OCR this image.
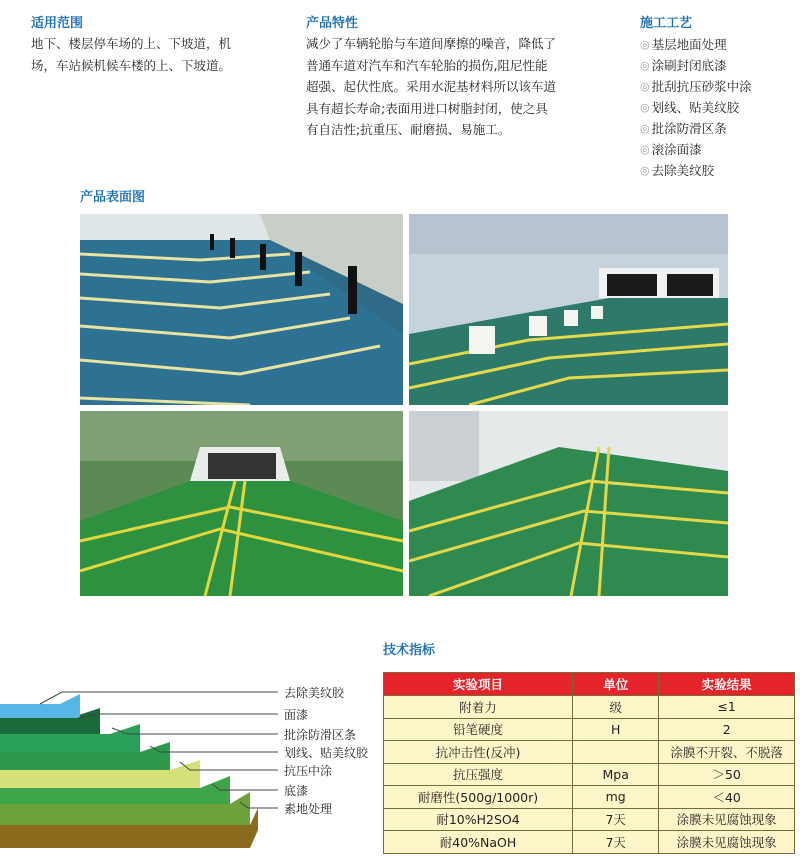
适用范围
地下、楼层停车场的上、下坡道，机
场，车站候机候车楼的上、下坡道。
产品特性
减少了车辆轮胎与车道间摩擦的噪音，降低了
普通车道对汽车和汽车轮胎的损伤,阻尼性能
超强、起伏性底。采用水泥基材料所以该车道
具有超长寿命;表面用进口树脂封闭，使之具
有自洁性;抗重压、耐磨损、易施工。
施工工艺
◎ 基层地面处理
◎ 涂刷封闭底漆
◎ 批刮抗压砂浆中涂
◎ 划线、贴美纹胶
◎ 批涂防滑区条
◎ 滚涂面漆
◎ 去除美纹胶
产品表面图
去除美纹胶
面漆
批涂防滑区条
划线、贴美纹胶
抗压中涂
底漆
素地处理
技术指标
实验项目	单位	实验结果
附着力	级	≤1
铅笔硬度	H	2
抗冲击性(反冲)		涂膜不开裂、不脱落
抗压强度	Mpa	＞50
耐磨性(500g/1000r)	mg	＜40
耐10%H2SO4	7天	涂膜未见腐蚀现象
耐40%NaOH	7天	涂膜未见腐蚀现象
